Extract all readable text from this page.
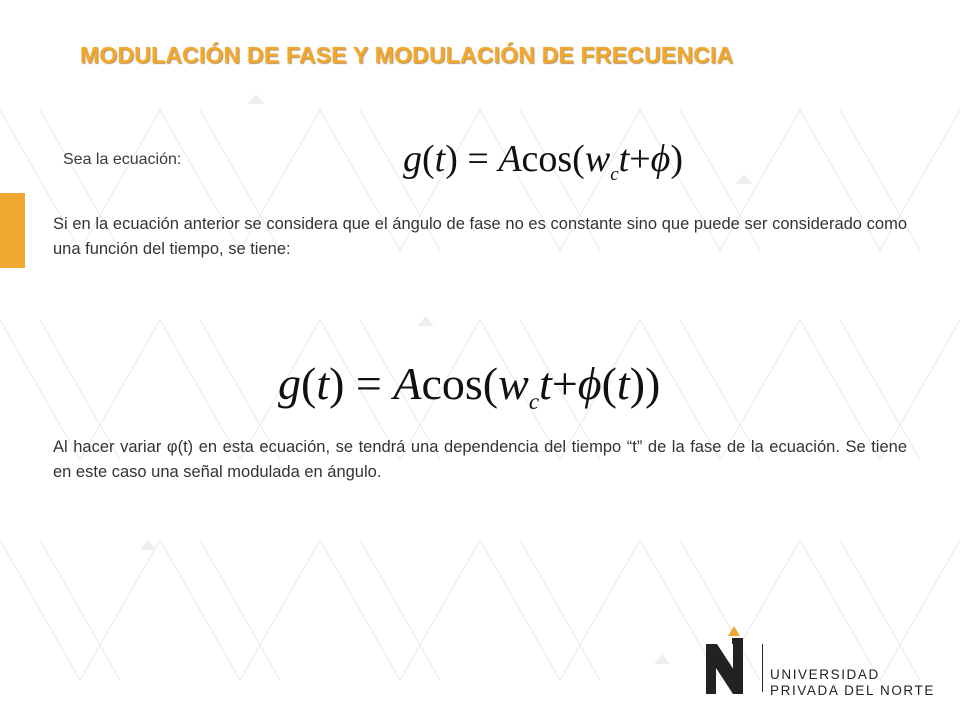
MODULACIÓN DE FASE Y MODULACIÓN DE FRECUENCIA
Sea la ecuación:	$g(t) = Acos(w_ct+\phi)$

Si en la ecuación anterior se considera que el ángulo de fase no es constante sino que puede ser considerado como una función del tiempo, se tiene:

$g(t) = Acos(w_ct+\phi(t))$

Al hacer variar φ(t) en esta ecuación, se tendrá una dependencia del tiempo “t” de la fase de la ecuación. Se tiene en este caso una señal modulada en ángulo.

UNIVERSIDAD
PRIVADA DEL NORTE
